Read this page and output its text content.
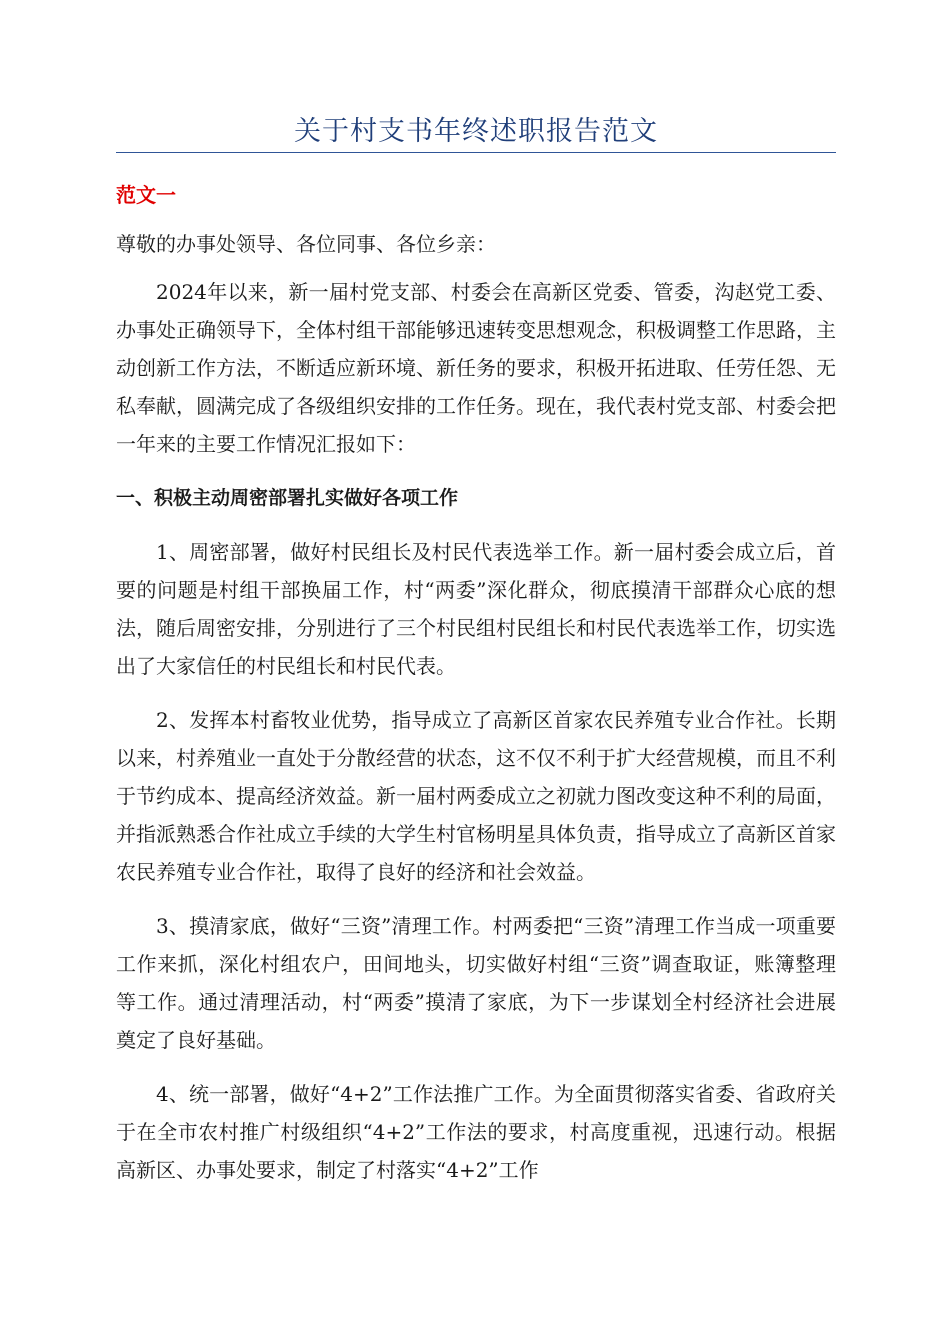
关于村支书年终述职报告范文
范文一

尊敬的办事处领导、各位同事、各位乡亲：

2024年以来，新一届村党支部、村委会在高新区党委、管委，沟赵党工委、办事处正确领导下，全体村组干部能够迅速转变思想观念，积极调整工作思路，主动创新工作方法，不断适应新环境、新任务的要求，积极开拓进取、任劳任怨、无私奉献，圆满完成了各级组织安排的工作任务。现在，我代表村党支部、村委会把一年来的主要工作情况汇报如下：

一、积极主动周密部署扎实做好各项工作

1、周密部署，做好村民组长及村民代表选举工作。新一届村委会成立后，首要的问题是村组干部换届工作，村“两委”深化群众，彻底摸清干部群众心底的想法，随后周密安排，分别进行了三个村民组村民组长和村民代表选举工作，切实选出了大家信任的村民组长和村民代表。

2、发挥本村畜牧业优势，指导成立了高新区首家农民养殖专业合作社。长期以来，村养殖业一直处于分散经营的状态，这不仅不利于扩大经营规模，而且不利于节约成本、提高经济效益。新一届村两委成立之初就力图改变这种不利的局面，并指派熟悉合作社成立手续的大学生村官杨明星具体负责，指导成立了高新区首家农民养殖专业合作社，取得了良好的经济和社会效益。

3、摸清家底，做好“三资”清理工作。村两委把“三资”清理工作当成一项重要工作来抓，深化村组农户，田间地头，切实做好村组“三资”调查取证，账簿整理等工作。通过清理活动，村“两委”摸清了家底，为下一步谋划全村经济社会进展奠定了良好基础。

4、统一部署，做好“4+2”工作法推广工作。为全面贯彻落实省委、省政府关于在全市农村推广村级组织“4+2”工作法的要求，村高度重视，迅速行动。根据高新区、办事处要求，制定了村落实“4+2”工作
